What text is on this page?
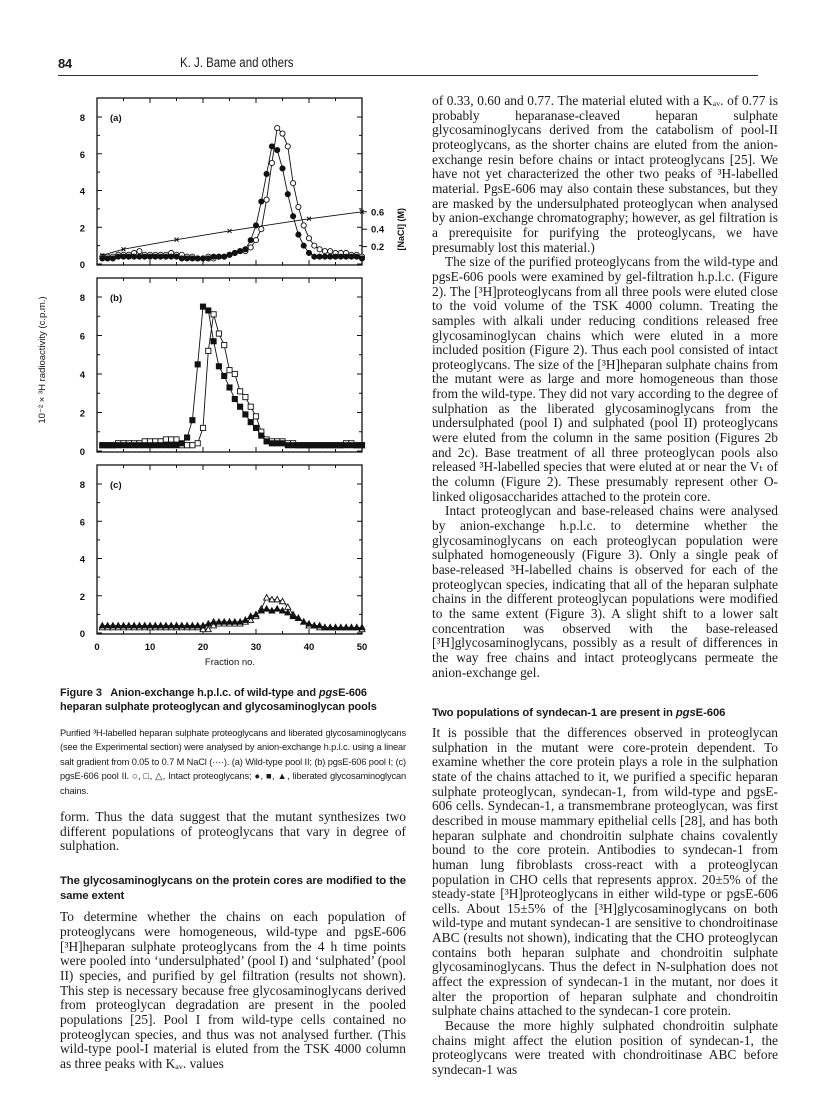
84	K. J. Bame and others
0
2
4
6
8	(a)
0.2
0.4
0.6 [NaCl] (M)
0
2
4
6
8	(b)
0
2
4
6
8	(c)
0	10	20	30	40	50
10⁻² × ³H radioactivity (c.p.m.)
Fraction no.
Figure 3 Anion-exchange h.p.l.c. of wild-type and pgsE-606 heparan sulphate proteoglycan and glycosaminoglycan pools
Purified ³H-labelled heparan sulphate proteoglycans and liberated glycosaminoglycans (see the Experimental section) were analysed by anion-exchange h.p.l.c. using a linear salt gradient from 0.05 to 0.7 M NaCl (····). (a) Wild-type pool II; (b) pgsE-606 pool I; (c) pgsE-606 pool II. ○, □, △, Intact proteoglycans; ●, ■, ▲, liberated glycosaminoglycan chains.

form. Thus the data suggest that the mutant synthesizes two different populations of proteoglycans that vary in degree of sulphation.

The glycosaminoglycans on the protein cores are modified to the same extent

To determine whether the chains on each population of proteoglycans were homogeneous, wild-type and pgsE-606 [³H]heparan sulphate proteoglycans from the 4 h time points were pooled into ‘undersulphated’ (pool I) and ‘sulphated’ (pool II) species, and purified by gel filtration (results not shown). This step is necessary because free glycosaminoglycans derived from proteoglycan degradation are present in the pooled populations [25]. Pool I from wild-type cells contained no proteoglycan species, and thus was not analysed further. (This wild-type pool-I material is eluted from the TSK 4000 column as three peaks with Kₐᵥ. values

of 0.33, 0.60 and 0.77. The material eluted with a Kₐᵥ. of 0.77 is probably heparanase-cleaved heparan sulphate glycosaminoglycans derived from the catabolism of pool-II proteoglycans, as the shorter chains are eluted from the anion-exchange resin before chains or intact proteoglycans [25]. We have not yet characterized the other two peaks of ³H-labelled material. PgsE-606 may also contain these substances, but they are masked by the undersulphated proteoglycan when analysed by anion-exchange chromatography; however, as gel filtration is a prerequisite for purifying the proteoglycans, we have presumably lost this material.)

The size of the purified proteoglycans from the wild-type and pgsE-606 pools were examined by gel-filtration h.p.l.c. (Figure 2). The [³H]proteoglycans from all three pools were eluted close to the void volume of the TSK 4000 column. Treating the samples with alkali under reducing conditions released free glycosaminoglycan chains which were eluted in a more included position (Figure 2). Thus each pool consisted of intact proteoglycans. The size of the [³H]heparan sulphate chains from the mutant were as large and more homogeneous than those from the wild-type. They did not vary according to the degree of sulphation as the liberated glycosaminoglycans from the undersulphated (pool I) and sulphated (pool II) proteoglycans were eluted from the column in the same position (Figures 2b and 2c). Base treatment of all three proteoglycan pools also released ³H-labelled species that were eluted at or near the Vₜ of the column (Figure 2). These presumably represent other O-linked oligosaccharides attached to the protein core.

Intact proteoglycan and base-released chains were analysed by anion-exchange h.p.l.c. to determine whether the glycosaminoglycans on each proteoglycan population were sulphated homogeneously (Figure 3). Only a single peak of base-released ³H-labelled chains is observed for each of the proteoglycan species, indicating that all of the heparan sulphate chains in the different proteoglycan populations were modified to the same extent (Figure 3). A slight shift to a lower salt concentration was observed with the base-released [³H]glycosaminoglycans, possibly as a result of differences in the way free chains and intact proteoglycans permeate the anion-exchange gel.

Two populations of syndecan-1 are present in pgsE-606

It is possible that the differences observed in proteoglycan sulphation in the mutant were core-protein dependent. To examine whether the core protein plays a role in the sulphation state of the chains attached to it, we purified a specific heparan sulphate proteoglycan, syndecan-1, from wild-type and pgsE-606 cells. Syndecan-1, a transmembrane proteoglycan, was first described in mouse mammary epithelial cells [28], and has both heparan sulphate and chondroitin sulphate chains covalently bound to the core protein. Antibodies to syndecan-1 from human lung fibroblasts cross-react with a proteoglycan population in CHO cells that represents approx. 20±5% of the steady-state [³H]proteoglycans in either wild-type or pgsE-606 cells. About 15±5% of the [³H]glycosaminoglycans on both wild-type and mutant syndecan-1 are sensitive to chondroitinase ABC (results not shown), indicating that the CHO proteoglycan contains both heparan sulphate and chondroitin sulphate glycosaminoglycans. Thus the defect in N-sulphation does not affect the expression of syndecan-1 in the mutant, nor does it alter the proportion of heparan sulphate and chondroitin sulphate chains attached to the syndecan-1 core protein.

Because the more highly sulphated chondroitin sulphate chains might affect the elution position of syndecan-1, the proteoglycans were treated with chondroitinase ABC before syndecan-1 was
